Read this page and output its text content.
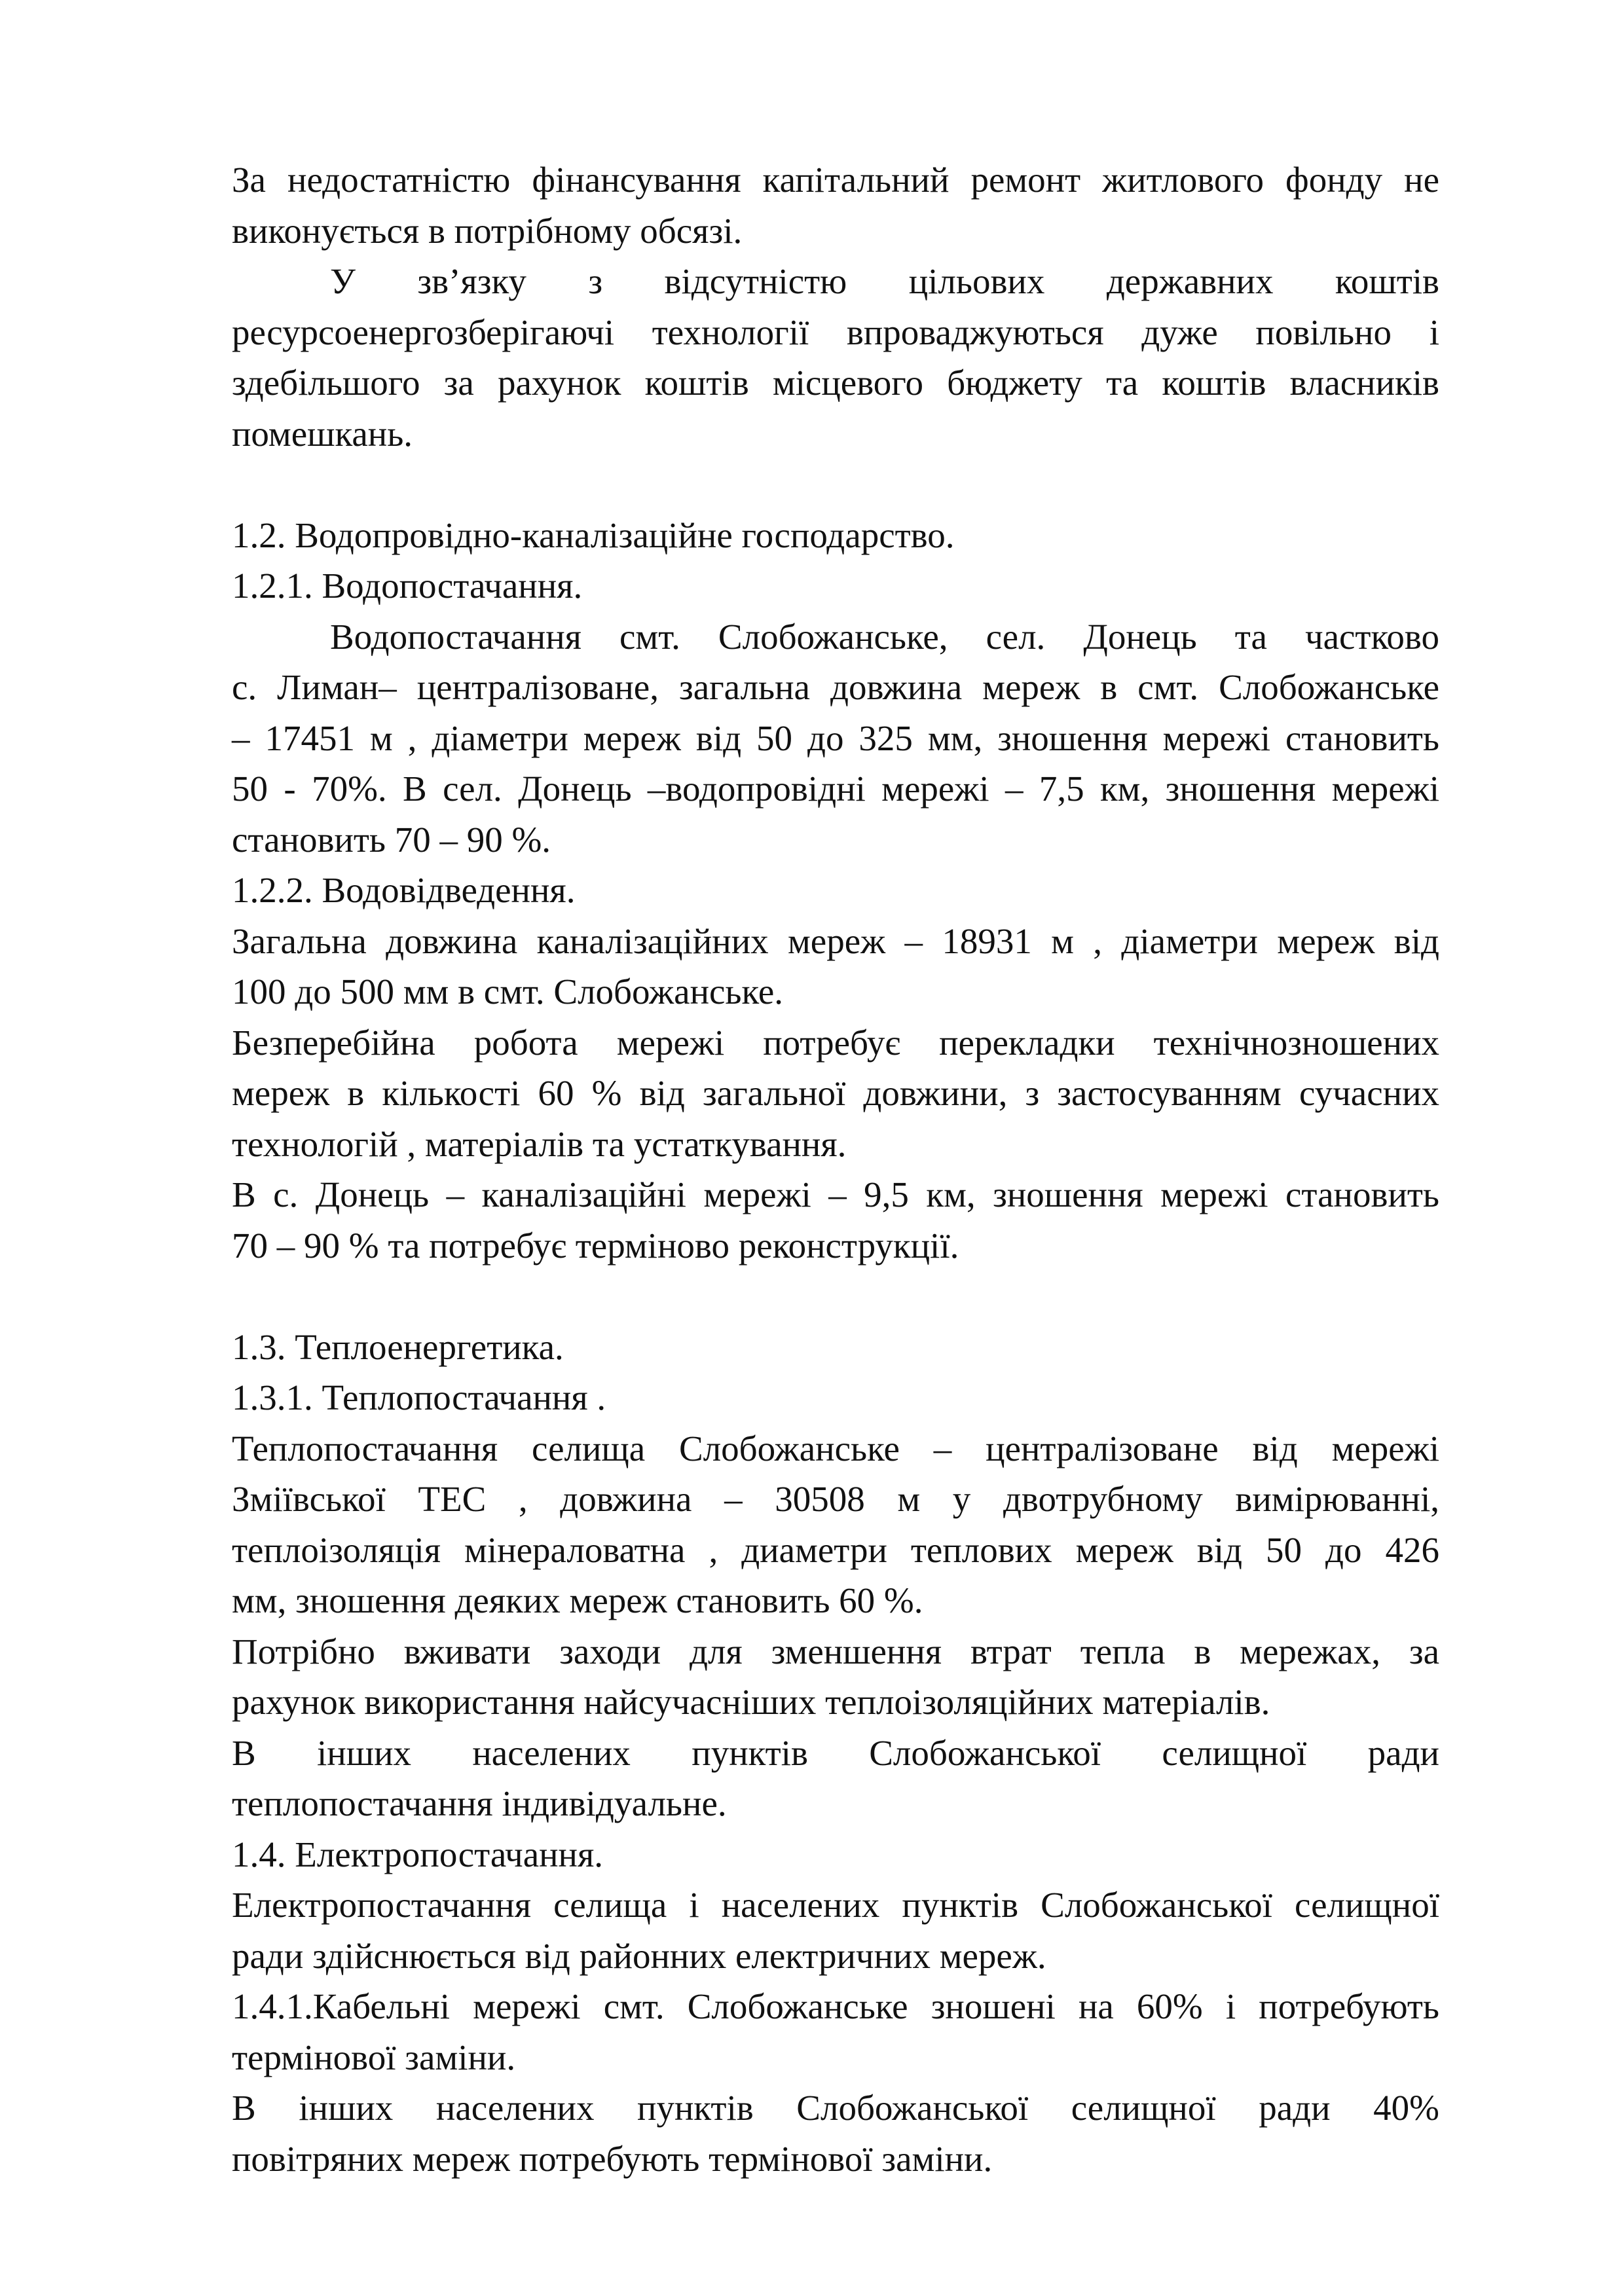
За недостатністю фінансування капітальний ремонт житлового фонду не
виконується в потрібному обсязі.
У зв’язку з відсутністю цільових державних коштів
ресурсоенергозберігаючі технології впроваджуються дуже повільно і
здебільшого за рахунок коштів місцевого бюджету та коштів власників
помешкань.
1.2. Водопровідно-каналізаційне господарство.
1.2.1. Водопостачання.
Водопостачання смт. Слобожанське, сел. Донець та частково
с. Лиман– централізоване, загальна довжина мереж в смт. Слобожанське
– 17451 м , діаметри мереж від 50 до 325 мм, зношення мережі становить
50 - 70%. В сел. Донець –водопровідні мережі – 7,5 км, зношення мережі
становить 70 – 90 %.
1.2.2. Водовідведення.
Загальна довжина каналізаційних мереж – 18931 м , діаметри мереж від
100 до 500 мм в смт. Слобожанське.
Безперебійна робота мережі потребує перекладки технічнозношених
мереж в кількості 60 % від загальної довжини, з застосуванням сучасних
технологій , матеріалів та устаткування.
В с. Донець – каналізаційні мережі – 9,5 км, зношення мережі становить
70 – 90 % та потребує терміново реконструкції.
1.3. Теплоенергетика.
1.3.1. Теплопостачання .
Теплопостачання селища Слобожанське – централізоване від мережі
Зміївської ТЕС , довжина – 30508 м у двотрубному вимірюванні,
теплоізоляція мінераловатна , диаметри теплових мереж від 50 до 426
мм, зношення деяких мереж становить 60 %.
Потрібно вживати заходи для зменшення втрат тепла в мережах, за
рахунок використання найсучасніших теплоізоляційних матеріалів.
В інших населених пунктів Слобожанської селищної ради
теплопостачання індивідуальне.
1.4. Електропостачання.
Електропостачання селища і населених пунктів Слобожанської селищної
ради здійснюється від районних електричних мереж.
1.4.1.Кабельні мережі смт. Слобожанське зношені на 60% і потребують
термінової заміни.
В інших населених пунктів Слобожанської селищної ради 40%
повітряних мереж потребують термінової заміни.
